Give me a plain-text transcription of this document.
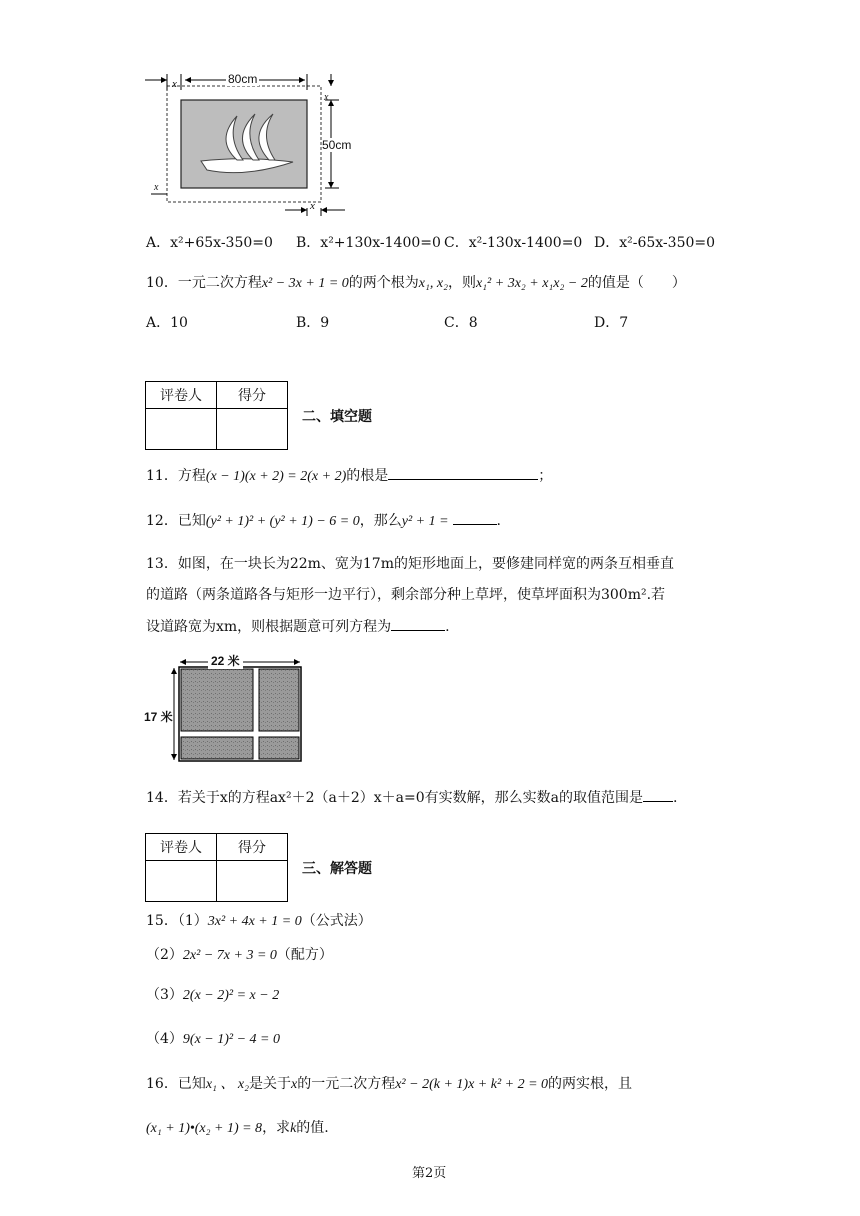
80cm
50cm
x
x
x
x
A．x²+65x-350=0 B．x²+130x-1400=0 C．x²-130x-1400=0 D．x²-65x-350=0
10．一元二次方程x² − 3x + 1 = 0的两个根为x₁, x₂，则x₁² + 3x₂ + x₁x₂ − 2的值是（　　）
A．10	B．9	C．8	D．7
评卷人	得分

二、填空题
11．方程(x − 1)(x + 2) = 2(x + 2)的根是	；
12．已知(y² + 1)² + (y² + 1) − 6 = 0，那么y² + 1 =	.
13．如图，在一块长为22m、宽为17m的矩形地面上，要修建同样宽的两条互相垂直
的道路（两条道路各与矩形一边平行），剩余部分种上草坪，使草坪面积为300m².若
设道路宽为xm，则根据题意可列方程为	.
22 米
17 米
14．若关于x的方程ax²＋2（a＋2）x＋a=0有实数解，那么实数a的取值范围是 .
评卷人	得分

三、解答题
15．（1）3x² + 4x + 1 = 0（公式法）
（2）2x² − 7x + 3 = 0（配方）
（3）2(x − 2)² = x − 2
（4）9(x − 1)² − 4 = 0
16．已知x₁ 、 x₂是关于x的一元二次方程x² − 2(k + 1)x + k² + 2 = 0的两实根，且
(x₁ + 1)•(x₂ + 1) = 8，求k的值.
第2页
